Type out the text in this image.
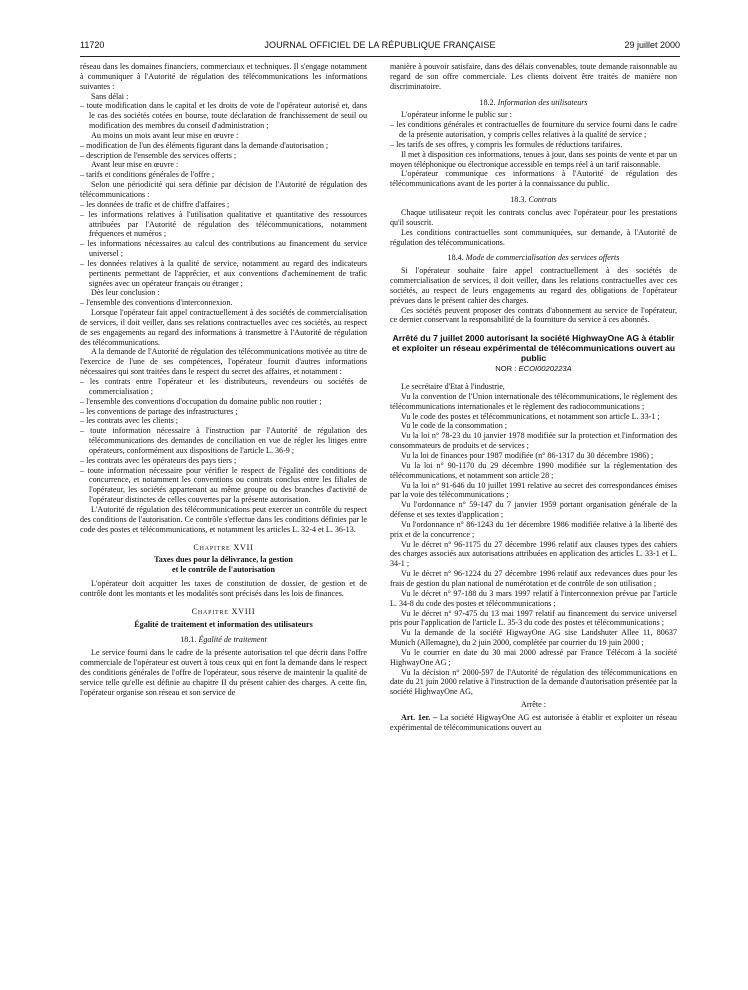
11720	JOURNAL OFFICIEL DE LA RÉPUBLIQUE FRANÇAISE	29 juillet 2000

réseau dans les domaines financiers, commerciaux et techniques. Il s'engage notamment à communiquer à l'Autorité de régulation des télécommunications les informations suivantes :

Sans délai :

– toute modification dans le capital et les droits de vote de l'opérateur autorisé et, dans le cas des sociétés cotées en bourse, toute déclaration de franchissement de seuil ou modification des membres du conseil d'administration ;

Au moins un mois avant leur mise en œuvre :

– modification de l'un des éléments figurant dans la demande d'autorisation ;

– description de l'ensemble des services offerts ;

Avant leur mise en œuvre :

– tarifs et conditions générales de l'offre ;

Selon une périodicité qui sera définie par décision de l'Autorité de régulation des télécommunications :

– les données de trafic et de chiffre d'affaires ;

– les informations relatives à l'utilisation qualitative et quantitative des ressources attribuées par l'Autorité de régulation des télécommunications, notamment fréquences et numéros ;

– les informations nécessaires au calcul des contributions au financement du service universel ;

– les données relatives à la qualité de service, notamment au regard des indicateurs pertinents permettant de l'apprécier, et aux conventions d'acheminement de trafic signées avec un opérateur français ou étranger ;

Dès leur conclusion :

– l'ensemble des conventions d'interconnexion.

Lorsque l'opérateur fait appel contractuellement à des sociétés de commercialisation de services, il doit veiller, dans ses relations contractuelles avec ces sociétés, au respect de ses engagements au regard des informations à transmettre à l'Autorité de régulation des télécommunications.

A la demande de l'Autorité de régulation des télécommunications motivée au titre de l'exercice de l'une de ses compétences, l'opérateur fournit d'autres informations nécessaires qui sont traitées dans le respect du secret des affaires, et notamment :

– les contrats entre l'opérateur et les distributeurs, revendeurs ou sociétés de commercialisation ;

– l'ensemble des conventions d'occupation du domaine public non routier ;

– les conventions de partage des infrastructures ;

– les contrats avec les clients ;

– toute information nécessaire à l'instruction par l'Autorité de régulation des télécommunications des demandes de conciliation en vue de régler les litiges entre opérateurs, conformément aux dispositions de l'article L. 36-9 ;

– les contrats avec les opérateurs des pays tiers ;

– toute information nécessaire pour vérifier le respect de l'égalité des conditions de concurrence, et notamment les conventions ou contrats conclus entre les filiales de l'opérateur, les sociétés appartenant au même groupe ou des branches d'activité de l'opérateur distinctes de celles couvertes par la présente autorisation.

L'Autorité de régulation des télécommunications peut exercer un contrôle du respect des conditions de l'autorisation. Ce contrôle s'effectue dans les conditions définies par le code des postes et télécommunications, et notamment les articles L. 32-4 et L. 36-13.

Chapitre XVII

Taxes dues pour la délivrance, la gestion

et le contrôle de l'autorisation

L'opérateur doit acquitter les taxes de constitution de dossier, de gestion et de contrôle dont les montants et les modalités sont précisés dans les lois de finances.

Chapitre XVIII

Égalité de traitement et information des utilisateurs

18.1. Égalité de traitement

Le service fourni dans le cadre de la présente autorisation tel que décrit dans l'offre commerciale de l'opérateur est ouvert à tous ceux qui en font la demande dans le respect des conditions générales de l'offre de l'opérateur, sous réserve de maintenir la qualité de service telle qu'elle est définie au chapitre II du présent cahier des charges. A cette fin, l'opérateur organise son réseau et son service de

manière à pouvoir satisfaire, dans des délais convenables, toute demande raisonnable au regard de son offre commerciale. Les clients doivent être traités de manière non discriminatoire.

18.2. Information des utilisateurs

L'opérateur informe le public sur :

– les conditions générales et contractuelles de fourniture du service fourni dans le cadre de la présente autorisation, y compris celles relatives à la qualité de service ;

– les tarifs de ses offres, y compris les formules de réductions tarifaires.

Il met à disposition ces informations, tenues à jour, dans ses points de vente et par un moyen téléphonique ou électronique accessible en temps réel à un tarif raisonnable.

L'opérateur communique ces informations à l'Autorité de régulation des télécommunications avant de les porter à la connaissance du public.

18.3. Contrats

Chaque utilisateur reçoit les contrats conclus avec l'opérateur pour les prestations qu'il souscrit.

Les conditions contractuelles sont communiquées, sur demande, à l'Autorité de régulation des télécommunications.

18.4. Mode de commercialisation des services offerts

Si l'opérateur souhaite faire appel contractuellement à des sociétés de commercialisation de services, il doit veiller, dans les relations contractuelles avec ces sociétés, au respect de leurs engagements au regard des obligations de l'opérateur prévues dans le présent cahier des charges.

Ces sociétés peuvent proposer des contrats d'abonnement au service de l'opérateur, ce dernier conservant la responsabilité de la fourniture du service à ces abonnés.

Arrêté du 7 juillet 2000 autorisant la société HighwayOne AG à établir et exploiter un réseau expérimental de télécommunications ouvert au public

NOR : ECOI0020223A

Le secrétaire d'Etat à l'industrie,

Vu la convention de l'Union internationale des télécommunications, le règlement des télécommunications internationales et le règlement des radiocommunications ;

Vu le code des postes et télécommunications, et notamment son article L. 33-1 ;

Vu le code de la consommation ;

Vu la loi n° 78-23 du 10 janvier 1978 modifiée sur la protection et l'information des consommateurs de produits et de services ;

Vu la loi de finances pour 1987 modifiée (n° 86-1317 du 30 décembre 1986) ;

Vu la loi n° 90-1170 du 29 décembre 1990 modifiée sur la réglementation des télécommunications, et notamment son article 28 ;

Vu la loi n° 91-646 du 10 juillet 1991 relative au secret des correspondances émises par la voie des télécommunications ;

Vu l'ordonnance n° 59-147 du 7 janvier 1959 portant organisation générale de la défense et ses textes d'application ;

Vu l'ordonnance n° 86-1243 du 1er décembre 1986 modifiée relative à la liberté des prix et de la concurrence ;

Vu le décret n° 96-1175 du 27 décembre 1996 relatif aux clauses types des cahiers des charges associés aux autorisations attribuées en application des articles L. 33-1 et L. 34-1 ;

Vu le décret n° 96-1224 du 27 décembre 1996 relatif aux redevances dues pour les frais de gestion du plan national de numérotation et de contrôle de son utilisation ;

Vu le décret n° 97-188 du 3 mars 1997 relatif à l'interconnexion prévue par l'article L. 34-8 du code des postes et télécommunications ;

Vu le décret n° 97-475 du 13 mai 1997 relatif au financement du service universel pris pour l'application de l'article L. 35-3 du code des postes et télécommunications ;

Vu la demande de la société HigwayOne AG sise Landshuter Allee 11, 80637 Munich (Allemagne), du 2 juin 2000, complétée par courrier du 19 juin 2000 ;

Vu le courrier en date du 30 mai 2000 adressé par France Télécom à la société HighwayOne AG ;

Vu la décision n° 2000-597 de l'Autorité de régulation des télécommunications en date du 21 juin 2000 relative à l'instruction de la demande d'autorisation présentée par la société HighwayOne AG,

Arrête :

Art. 1er. – La société HigwayOne AG est autorisée à établir et exploiter un réseau expérimental de télécommunications ouvert au
